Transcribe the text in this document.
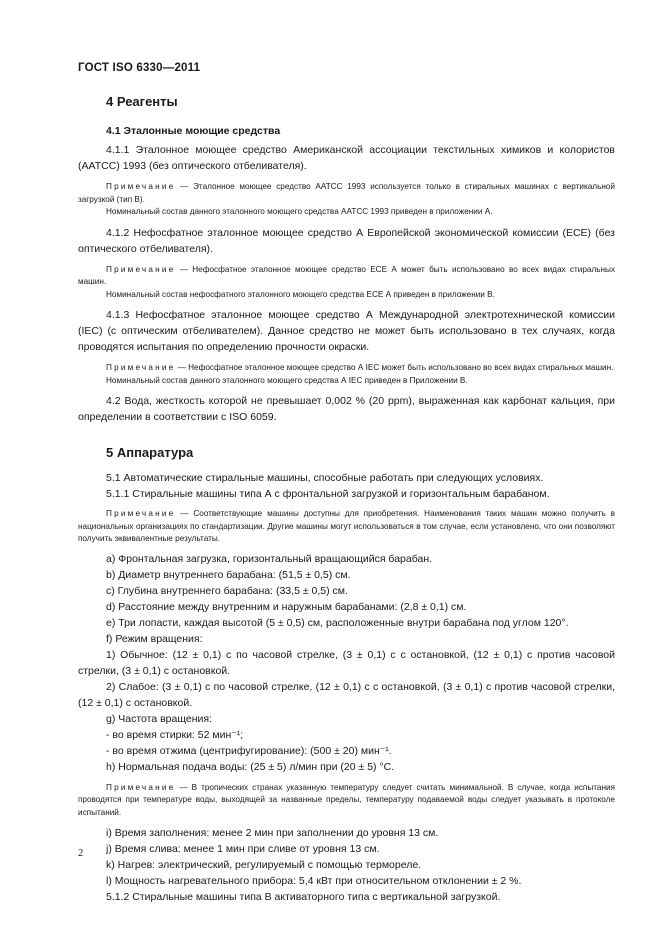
ГОСТ ISO 6330—2011
4 Реагенты
4.1 Эталонные моющие средства

4.1.1 Эталонное моющее средство Американской ассоциации текстильных химиков и колористов (AATCC) 1993 (без оптического отбеливателя).

Примечание — Эталонное моющее средство AATCC 1993 используется только в стиральных машинах с вертикальной загрузкой (тип В).

Номинальный состав данного эталонного моющего средства AATCC 1993 приведен в приложении А.

4.1.2 Нефосфатное эталонное моющее средство А Европейской экономической комиссии (ЕСЕ) (без оптического отбеливателя).

Примечание — Нефосфатное эталонное моющее средство ЕСЕ А может быть использовано во всех видах стиральных машин.

Номинальный состав нефосфатного эталонного моющего средства ЕСЕ А приведен в приложении В.

4.1.3 Нефосфатное эталонное моющее средство А Международной электротехнической комиссии (IEC) (с оптическим отбеливателем). Данное средство не может быть использовано в тех случаях, когда проводятся испытания по определению прочности окраски.

Примечание — Нефосфатное эталонное моющее средство А IEC может быть использовано во всех видах стиральных машин.

Номинальный состав данного эталонного моющего средства А IEC приведен в Приложении В.

4.2 Вода, жесткость которой не превышает 0,002 % (20 ppm), выраженная как карбонат кальция, при определении в соответствии с ISO 6059.

5 Аппаратура

5.1 Автоматические стиральные машины, способные работать при следующих условиях.

5.1.1 Стиральные машины типа А с фронтальной загрузкой и горизонтальным барабаном.

Примечание — Соответствующие машины доступны для приобретения. Наименования таких машин можно получить в национальных организациях по стандартизации. Другие машины могут использоваться в том случае, если установлено, что они позволяют получить эквивалентные результаты.

a) Фронтальная загрузка, горизонтальный вращающийся барабан.

b) Диаметр внутреннего барабана: (51,5 ± 0,5) см.

c) Глубина внутреннего барабана: (33,5 ± 0,5) см.

d) Расстояние между внутренним и наружным барабанами: (2,8 ± 0,1) см.

e) Три лопасти, каждая высотой (5 ± 0,5) см, расположенные внутри барабана под углом 120°.

f) Режим вращения:

1) Обычное: (12 ± 0,1) с по часовой стрелке, (3 ± 0,1) с с остановкой, (12 ± 0,1) с против часовой стрелки, (3 ± 0,1) с остановкой.

2) Слабое: (3 ± 0,1) с по часовой стрелке, (12 ± 0,1) с с остановкой, (3 ± 0,1) с против часовой стрелки, (12 ± 0,1) с остановкой.

g) Частота вращения:

- во время стирки: 52 мин⁻¹;

- во время отжима (центрифугирование): (500 ± 20) мин⁻¹.

h) Нормальная подача воды: (25 ± 5) л/мин при (20 ± 5) °С.

Примечание — В тропических странах указанную температуру следует считать минимальной. В случае, когда испытания проводятся при температуре воды, выходящей за названные пределы, температуру подаваемой воды следует указывать в протоколе испытаний.

i) Время заполнения: менее 2 мин при заполнении до уровня 13 см.

j) Время слива: менее 1 мин при сливе от уровня 13 см.

k) Нагрев: электрический, регулируемый с помощью термореле.

l) Мощность нагревательного прибора: 5,4 кВт при относительном отклонении ± 2 %.

5.1.2 Стиральные машины типа В активаторного типа с вертикальной загрузкой.

2
